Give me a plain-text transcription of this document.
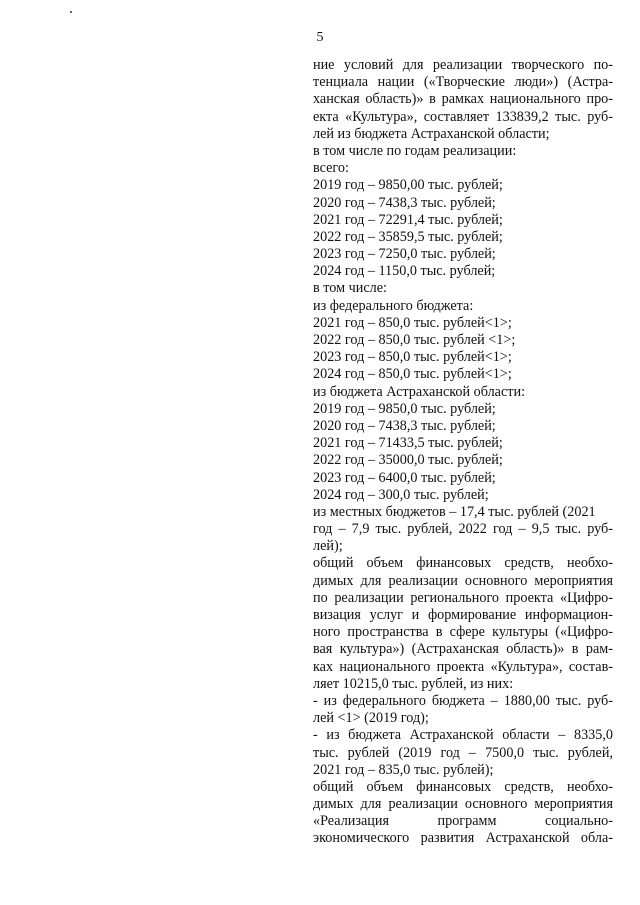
5
ние условий для реализации творческого по-
тенциала нации («Творческие люди») (Астра-
ханская область)» в рамках национального про-
екта «Культура», составляет 133839,2 тыс. руб-
лей из бюджета Астраханской области;
в том числе по годам реализации:
всего:
2019 год – 9850,00 тыс. рублей;
2020 год – 7438,3 тыс. рублей;
2021 год – 72291,4 тыс. рублей;
2022 год – 35859,5 тыс. рублей;
2023 год – 7250,0 тыс. рублей;
2024 год – 1150,0 тыс. рублей;
в том числе:
из федерального бюджета:
2021 год – 850,0 тыс. рублей<1>;
2022 год – 850,0 тыс. рублей <1>;
2023 год – 850,0 тыс. рублей<1>;
2024 год – 850,0 тыс. рублей<1>;
из бюджета Астраханской области:
2019 год – 9850,0 тыс. рублей;
2020 год – 7438,3 тыс. рублей;
2021 год – 71433,5 тыс. рублей;
2022 год – 35000,0 тыс. рублей;
2023 год – 6400,0 тыс. рублей;
2024 год – 300,0 тыс. рублей;
из местных бюджетов – 17,4 тыс. рублей (2021
год – 7,9 тыс. рублей, 2022 год – 9,5 тыс. руб-
лей);
общий объем финансовых средств, необхо-
димых для реализации основного мероприятия
по реализации регионального проекта «Цифро-
визация услуг и формирование информацион-
ного пространства в сфере культуры («Цифро-
вая культура») (Астраханская область)» в рам-
ках национального проекта «Культура», состав-
ляет 10215,0 тыс. рублей, из них:
- из федерального бюджета – 1880,00 тыс. руб-
лей <1> (2019 год);
- из бюджета Астраханской области – 8335,0
тыс. рублей (2019 год – 7500,0 тыс. рублей,
2021 год – 835,0 тыс. рублей);
общий объем финансовых средств, необхо-
димых для реализации основного мероприятия
«Реализация программ социально-
экономического развития Астраханской обла-
